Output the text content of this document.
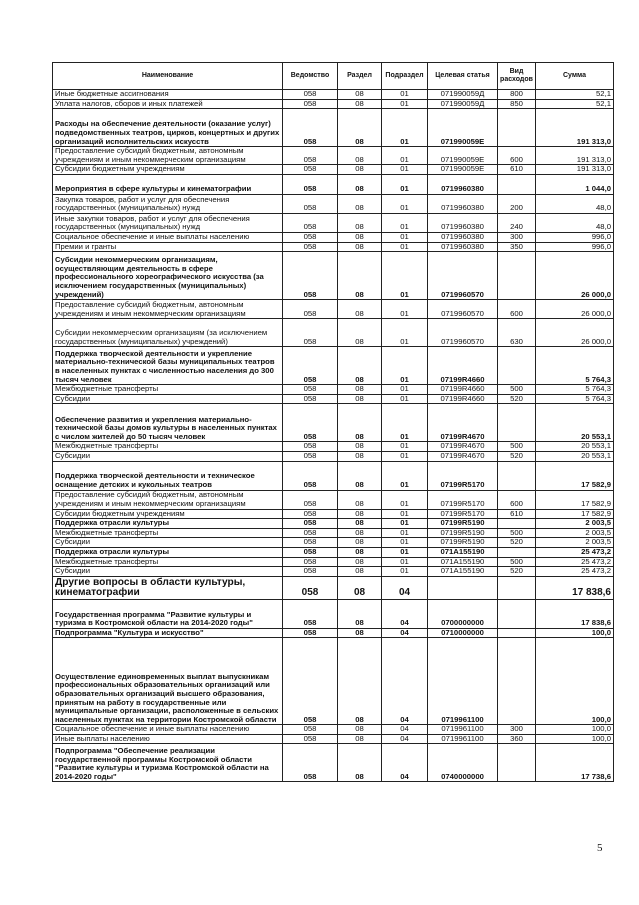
Наименование	Ведомство	Раздел	Подраздел	Целевая статья	Вид расходов	Сумма
Иные бюджетные ассигнования	058	08	01	071990059Д	800	52,1
Уплата налогов, сборов и иных платежей	058	08	01	071990059Д	850	52,1
Расходы на обеспечение деятельности (оказание услуг) подведомственных театров, цирков, концертных и других организаций исполнительских искусств	058	08	01	071990059Е		191 313,0
Предоставление субсидий бюджетным, автономным учреждениям и иным некоммерческим организациям	058	08	01	071990059Е	600	191 313,0
Субсидии бюджетным учреждениям	058	08	01	071990059Е	610	191 313,0
Мероприятия в сфере культуры и кинематографии	058	08	01	0719960380		1 044,0
Закупка товаров, работ и услуг для обеспечения государственных (муниципальных) нужд	058	08	01	0719960380	200	48,0
Иные закупки товаров, работ и услуг для обеспечения государственных (муниципальных) нужд	058	08	01	0719960380	240	48,0
Социальное обеспечение и иные выплаты населению	058	08	01	0719960380	300	996,0
Премии и гранты	058	08	01	0719960380	350	996,0
Субсидии некоммерческим организациям, осуществляющим деятельность в сфере профессионального хореографического искусства (за исключением государственных (муниципальных) учреждений)	058	08	01	0719960570		26 000,0
Предоставление субсидий бюджетным, автономным учреждениям и иным некоммерческим организациям	058	08	01	0719960570	600	26 000,0
Субсидии некоммерческим организациям (за исключением государственных (муниципальных) учреждений)	058	08	01	0719960570	630	26 000,0
Поддержка творческой деятельности и укрепление материально-технической базы муниципальных театров в населенных пунктах с численностью населения до 300 тысяч человек	058	08	01	07199R4660		5 764,3
Межбюджетные трансферты	058	08	01	07199R4660	500	5 764,3
Субсидии	058	08	01	07199R4660	520	5 764,3
Обеспечение развития и укрепления материально-технической базы домов культуры в населенных пунктах с числом жителей до 50 тысяч человек	058	08	01	07199R4670		20 553,1
Межбюджетные трансферты	058	08	01	07199R4670	500	20 553,1
Субсидии	058	08	01	07199R4670	520	20 553,1
Поддержка творческой деятельности и техническое оснащение детских и кукольных театров	058	08	01	07199R5170		17 582,9
Предоставление субсидий бюджетным, автономным учреждениям и иным некоммерческим организациям	058	08	01	07199R5170	600	17 582,9
Субсидии бюджетным учреждениям	058	08	01	07199R5170	610	17 582,9
Поддержка отрасли культуры	058	08	01	07199R5190		2 003,5
Межбюджетные трансферты	058	08	01	07199R5190	500	2 003,5
Субсидии	058	08	01	07199R5190	520	2 003,5
Поддержка отрасли культуры	058	08	01	071A155190		25 473,2
Межбюджетные трансферты	058	08	01	071A155190	500	25 473,2
Субсидии	058	08	01	071A155190	520	25 473,2
Другие вопросы в области культуры, кинематографии	058	08	04			17 838,6
Государственная программа "Развитие культуры и туризма в Костромской области на 2014-2020 годы"	058	08	04	0700000000		17 838,6
Подпрограмма "Культура и искусство"	058	08	04	0710000000		100,0
Осуществление единовременных выплат выпускникам профессиональных образовательных организаций или образовательных организаций высшего образования, принятым на работу в государственные или муниципальные организации, расположенные в сельских населенных пунктах на территории Костромской области	058	08	04	0719961100		100,0
Социальное обеспечение и иные выплаты населению	058	08	04	0719961100	300	100,0
Иные выплаты населению	058	08	04	0719961100	360	100,0
Подпрограмма "Обеспечение реализации государственной программы Костромской области "Развитие культуры и туризма Костромской области на 2014-2020 годы"	058	08	04	0740000000		17 738,6
5
